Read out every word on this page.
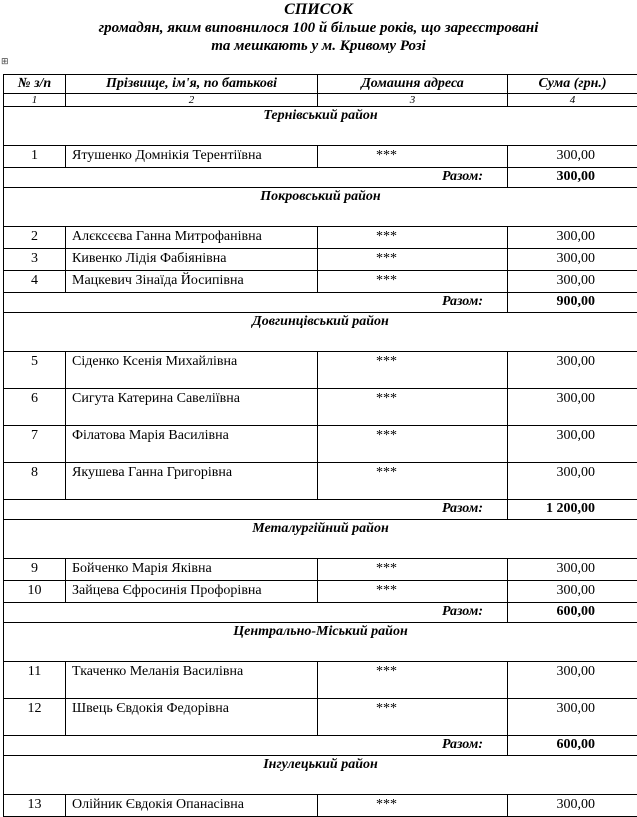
СПИСОК
громадян, яким виповнилося 100 й більше років, що зареєстровані
та мешкають у м. Кривому Розі
⊞
№ з/п	Прізвище, ім'я, по батькові	Домашня адреса	Сума (грн.)
1	2	3	4
Тернівський район			
1	Ятушенко Домнікія Терентіївна	***	300,00
Разом:			300,00
Покровський район			
2	Алєксєєва Ганна Митрофанівна	***	300,00
3	Кивенко Лідія Фабіянівна	***	300,00
4	Мацкевич Зінаїда Йосипівна	***	300,00
Разом:			900,00
Довгинцівський район			
5	Сіденко Ксенія Михайлівна	***	300,00
6	Сигута Катерина Савеліївна	***	300,00
7	Філатова Марія Василівна	***	300,00
8	Якушева Ганна Григорівна	***	300,00
Разом:			1 200,00
Металургійний район			
9	Бойченко Марія Яківна	***	300,00
10	Зайцева Єфросинія Профорівна	***	300,00
Разом:			600,00
Центрально-Міський район			
11	Ткаченко Меланія Василівна	***	300,00
12	Швець Євдокія Федорівна	***	300,00
Разом:			600,00
Інгулецький район			
13	Олійник Євдокія Опанасівна	***	300,00
